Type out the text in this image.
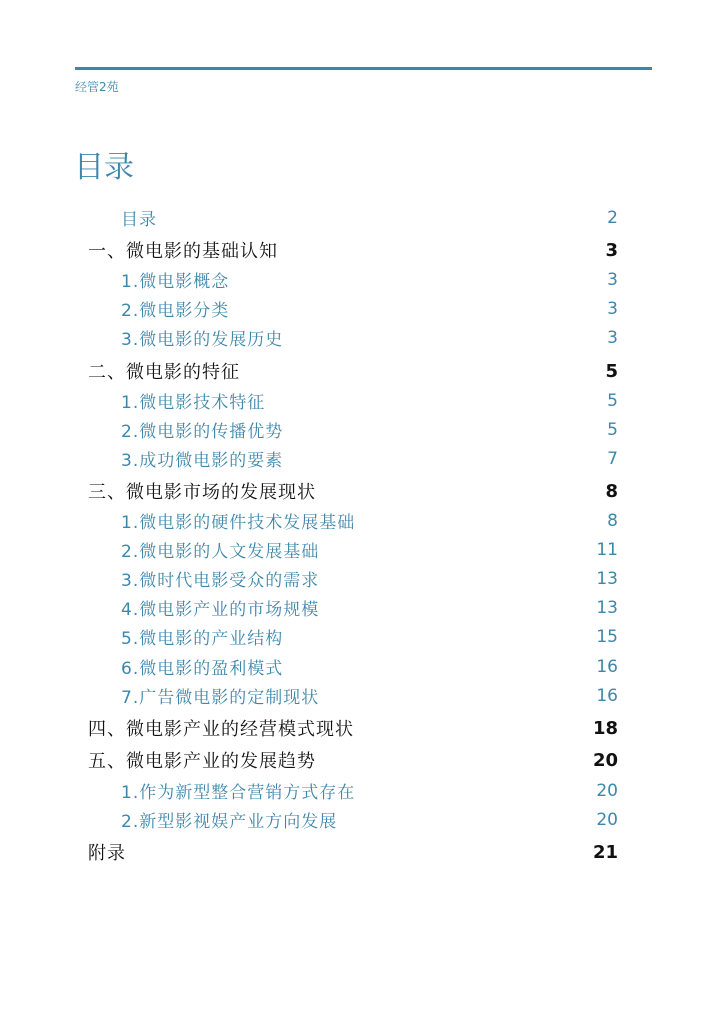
经管2苑
目录
目录	2
一、微电影的基础认知	3
1.微电影概念	3
2.微电影分类	3
3.微电影的发展历史	3
二、微电影的特征	5
1.微电影技术特征	5
2.微电影的传播优势	5
3.成功微电影的要素	7
三、微电影市场的发展现状	8
1.微电影的硬件技术发展基础	8
2.微电影的人文发展基础	11
3.微时代电影受众的需求	13
4.微电影产业的市场规模	13
5.微电影的产业结构	15
6.微电影的盈利模式	16
7.广告微电影的定制现状	16
四、微电影产业的经营模式现状	18
五、微电影产业的发展趋势	20
1.作为新型整合营销方式存在	20
2.新型影视娱产业方向发展	20
附录	21
